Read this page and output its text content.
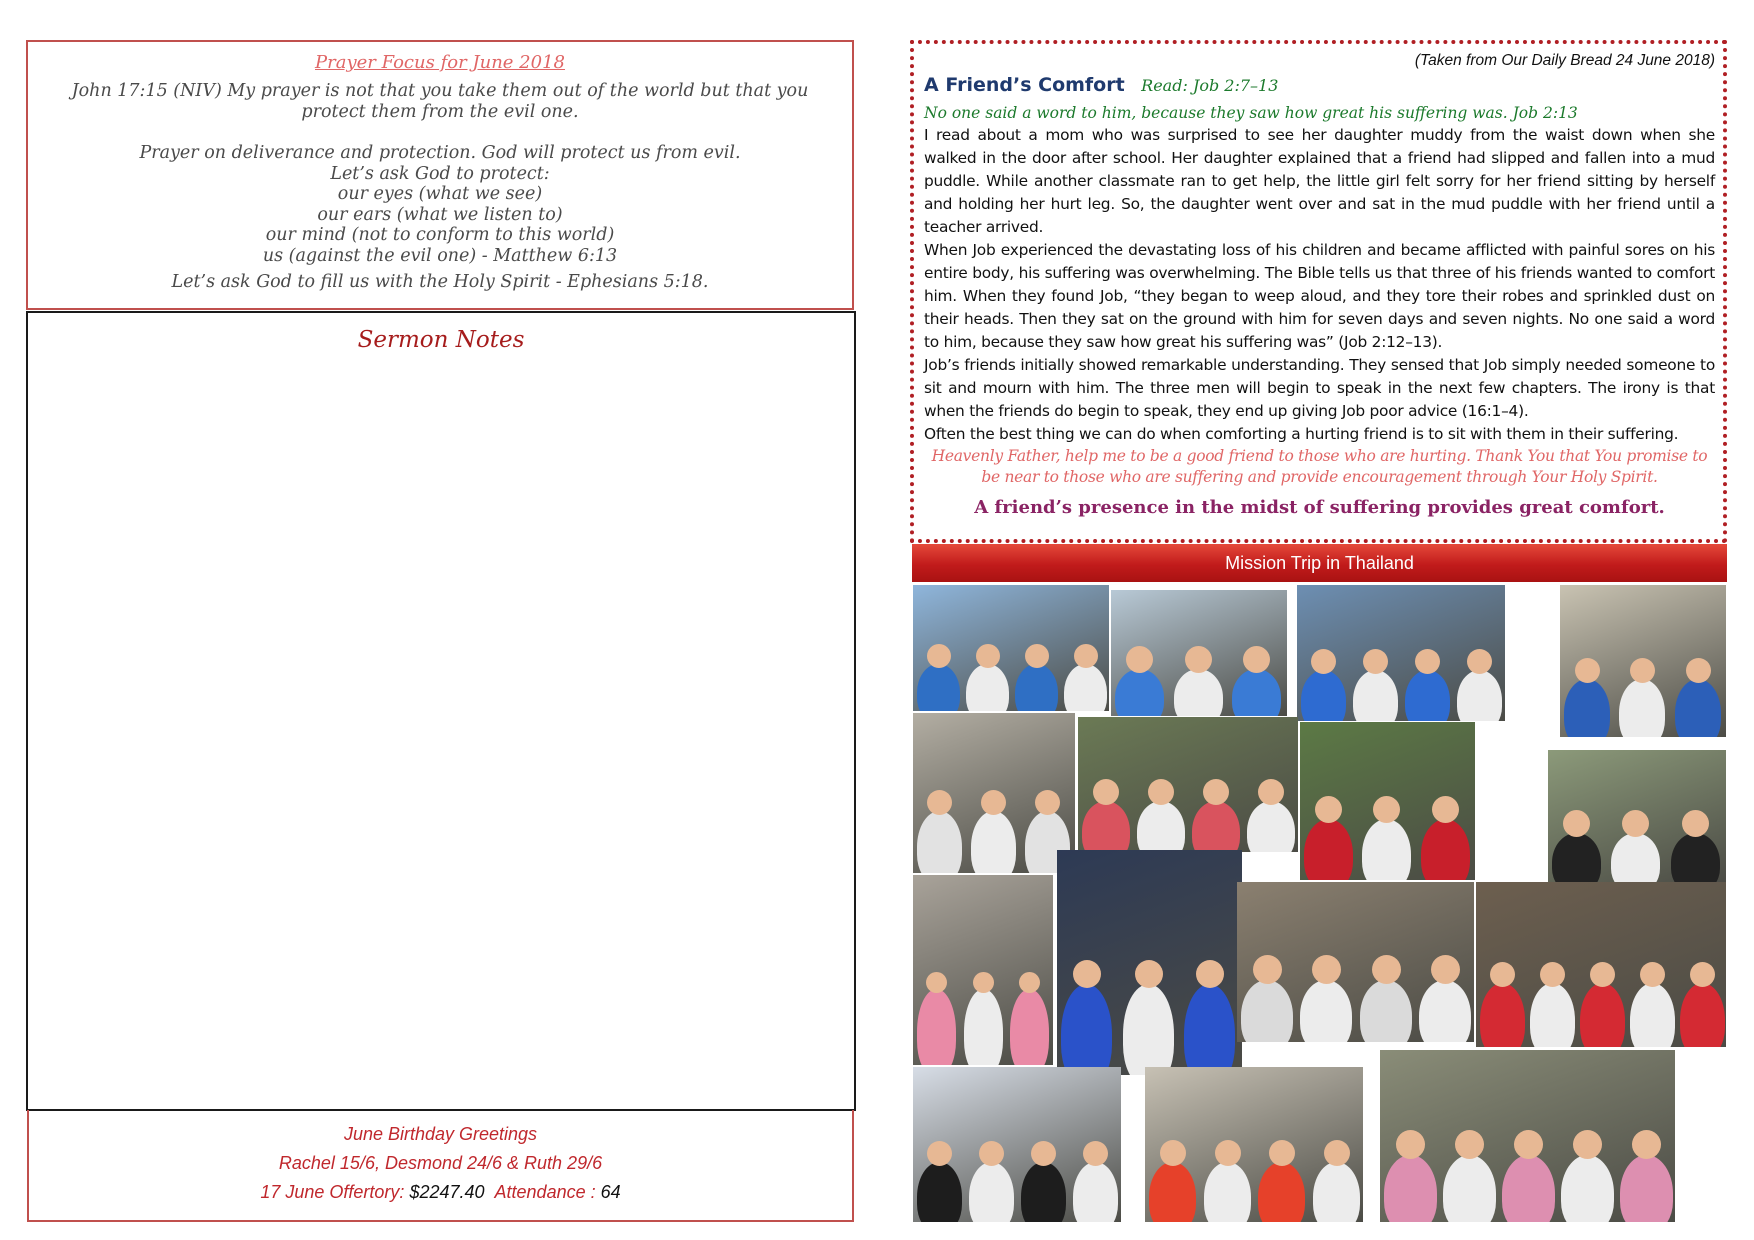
Prayer Focus for June 2018
John 17:15 (NIV) My prayer is not that you take them out of the world but that you protect them from the evil one.
Prayer on deliverance and protection. God will protect us from evil.
Let’s ask God to protect:
our eyes (what we see)
our ears (what we listen to)
our mind (not to conform to this world)
us (against the evil one) - Matthew 6:13
Let’s ask God to fill us with the Holy Spirit - Ephesians 5:18.
Sermon Notes
June Birthday Greetings
Rachel 15/6, Desmond 24/6 & Ruth 29/6
17 June Offertory: $2247.40 Attendance : 64
(Taken from Our Daily Bread 24 June 2018)
A Friend’s Comfort Read: Job 2:7–13
No one said a word to him, because they saw how great his suffering was. Job 2:13
I read about a mom who was surprised to see her daughter muddy from the waist down when she walked in the door after school. Her daughter explained that a friend had slipped and fallen into a mud puddle. While another classmate ran to get help, the little girl felt sorry for her friend sitting by herself and holding her hurt leg. So, the daughter went over and sat in the mud puddle with her friend until a teacher arrived.
When Job experienced the devastating loss of his children and became afflicted with painful sores on his entire body, his suffering was overwhelming. The Bible tells us that three of his friends wanted to comfort him. When they found Job, “they began to weep aloud, and they tore their robes and sprinkled dust on their heads. Then they sat on the ground with him for seven days and seven nights. No one said a word to him, because they saw how great his suffering was” (Job 2:12–13).
Job’s friends initially showed remarkable understanding. They sensed that Job simply needed someone to sit and mourn with him. The three men will begin to speak in the next few chapters. The irony is that when the friends do begin to speak, they end up giving Job poor advice (16:1–4).
Often the best thing we can do when comforting a hurting friend is to sit with them in their suffering.
Heavenly Father, help me to be a good friend to those who are hurting. Thank You that You promise to be near to those who are suffering and provide encouragement through Your Holy Spirit.
A friend’s presence in the midst of suffering provides great comfort.
Mission Trip in Thailand
